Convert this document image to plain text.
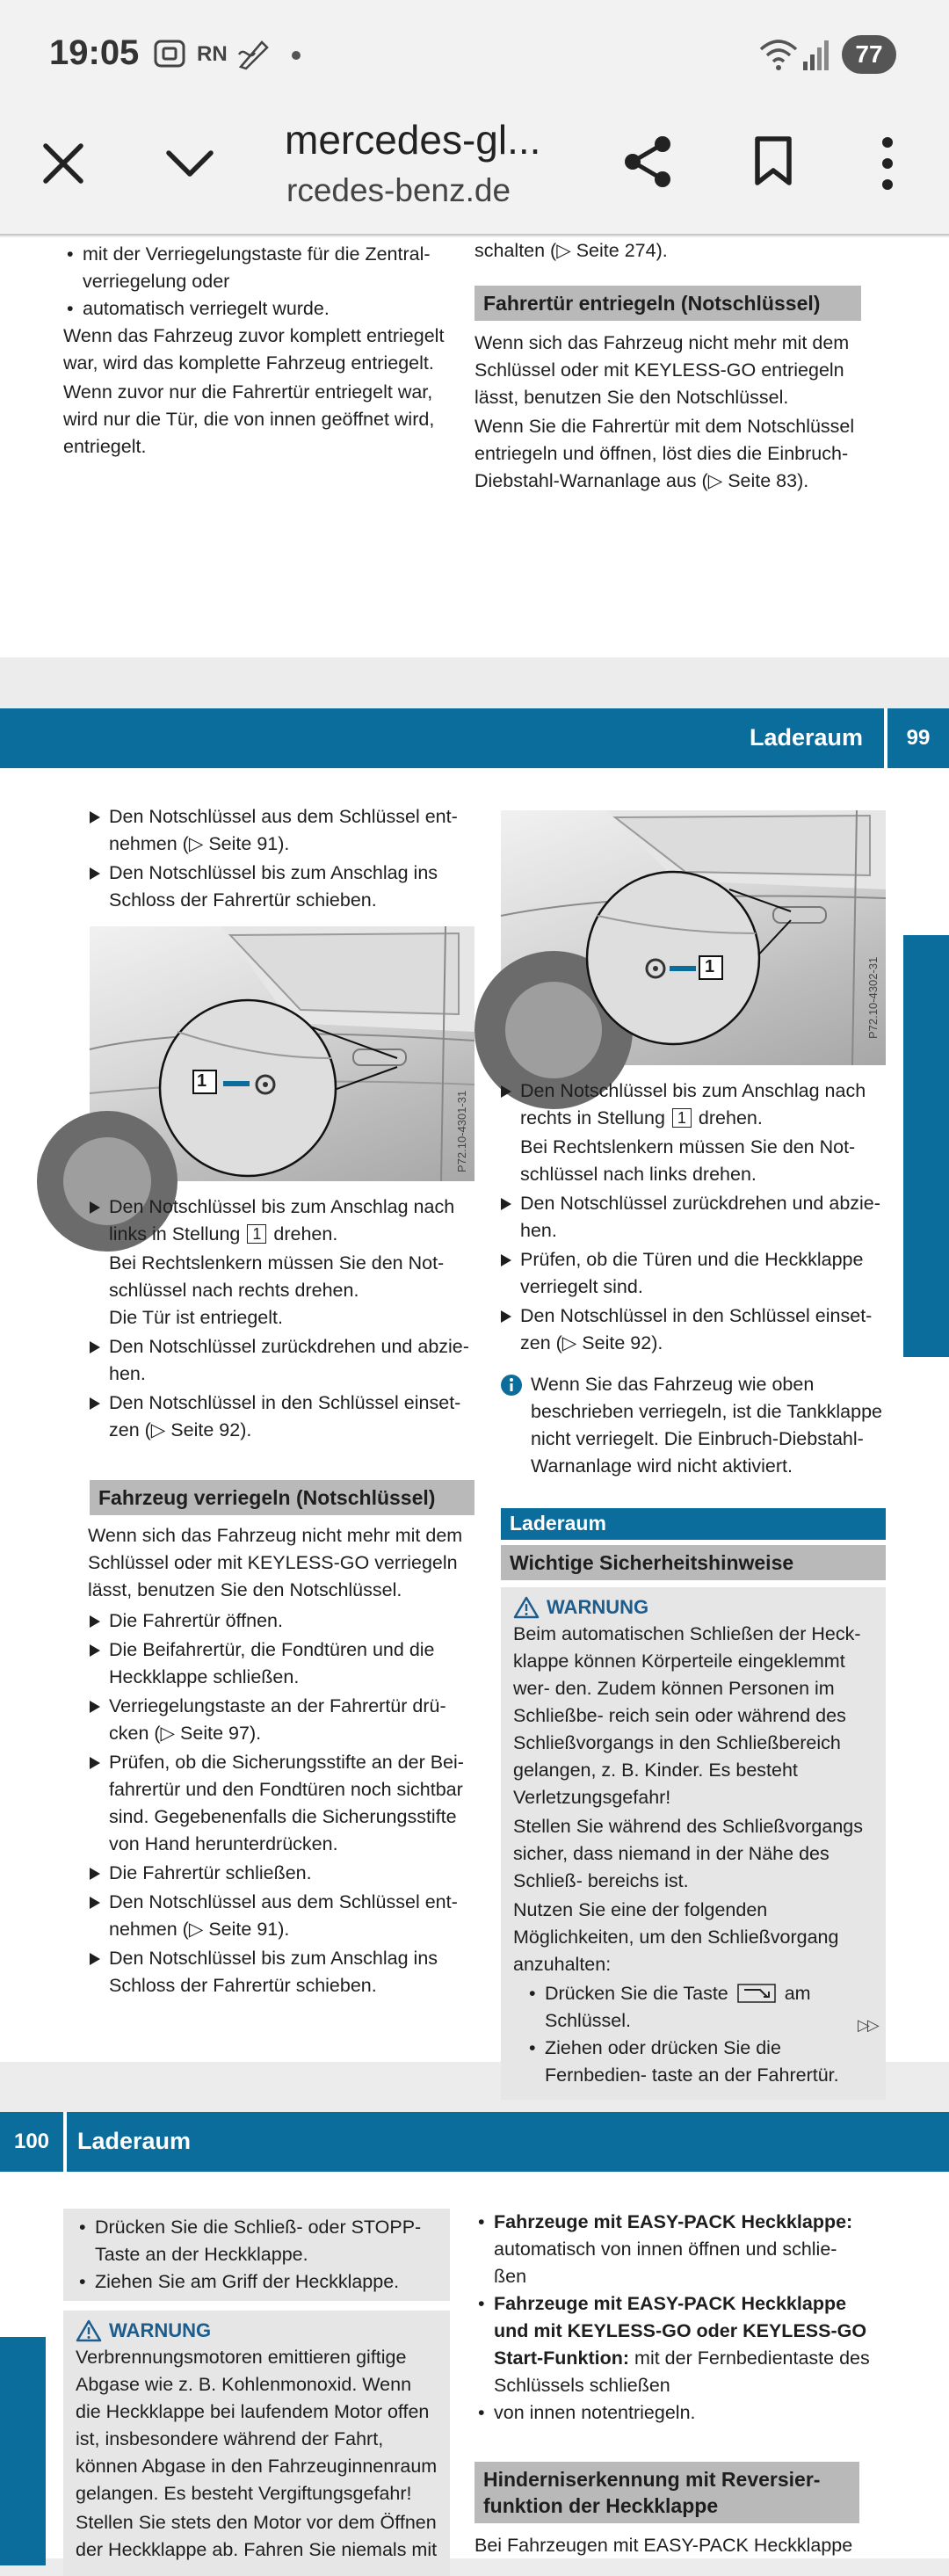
19:05	RN	77
mercedes-gl...
rcedes-benz.de
• mit der Verriegelungstaste für die Zentral- verriegelung oder
• automatisch verriegelt wurde.

Wenn das Fahrzeug zuvor komplett entriegelt war, wird das komplette Fahrzeug entriegelt.

Wenn zuvor nur die Fahrertür entriegelt war, wird nur die Tür, die von innen geöffnet wird, entriegelt.

schalten (▷ Seite 274).

Fahrertür entriegeln (Notschlüssel)

Wenn sich das Fahrzeug nicht mehr mit dem Schlüssel oder mit KEYLESS-GO entriegeln lässt, benutzen Sie den Notschlüssel.

Wenn Sie die Fahrertür mit dem Notschlüssel entriegeln und öffnen, löst dies die Einbruch- Diebstahl-Warnanlage aus (▷ Seite 83).

Laderaum	99
Öffnen und Schließen
Den Notschlüssel aus dem Schlüssel ent- nehmen (▷ Seite 91).
Den Notschlüssel bis zum Anschlag ins Schloss der Fahrertür schieben.
1
P72.10-4301-31
Den Notschlüssel bis zum Anschlag nach links in Stellung 1 drehen.
Bei Rechtslenkern müssen Sie den Not- schlüssel nach rechts drehen.
Die Tür ist entriegelt.
Den Notschlüssel zurückdrehen und abzie- hen.
Den Notschlüssel in den Schlüssel einset- zen (▷ Seite 92).
Fahrzeug verriegeln (Notschlüssel)

Wenn sich das Fahrzeug nicht mehr mit dem Schlüssel oder mit KEYLESS-GO verriegeln lässt, benutzen Sie den Notschlüssel.

Die Fahrertür öffnen.
Die Beifahrertür, die Fondtüren und die Heckklappe schließen.
Verriegelungstaste an der Fahrertür drü- cken (▷ Seite 97).
Prüfen, ob die Sicherungsstifte an der Bei- fahrertür und den Fondtüren noch sichtbar sind. Gegebenenfalls die Sicherungsstifte von Hand herunterdrücken.
Die Fahrertür schließen.
Den Notschlüssel aus dem Schlüssel ent- nehmen (▷ Seite 91).
Den Notschlüssel bis zum Anschlag ins Schloss der Fahrertür schieben.
1	P72.10-4302-31
Den Notschlüssel bis zum Anschlag nach rechts in Stellung 1 drehen.
Bei Rechtslenkern müssen Sie den Not- schlüssel nach links drehen.
Den Notschlüssel zurückdrehen und abzie- hen.
Prüfen, ob die Türen und die Heckklappe verriegelt sind.
Den Notschlüssel in den Schlüssel einset- zen (▷ Seite 92).
Wenn Sie das Fahrzeug wie oben beschrieben verriegeln, ist die Tankklappe nicht verriegelt. Die Einbruch-Diebstahl- Warnanlage wird nicht aktiviert.
Laderaum
Wichtige Sicherheitshinweise
WARNUNG

Beim automatischen Schließen der Heck- klappe können Körperteile eingeklemmt wer- den. Zudem können Personen im Schließbe- reich sein oder während des Schließvorgangs in den Schließbereich gelangen, z. B. Kinder. Es besteht Verletzungsgefahr!

Stellen Sie während des Schließvorgangs sicher, dass niemand in der Nähe des Schließ- bereichs ist.

Nutzen Sie eine der folgenden Möglichkeiten, um den Schließvorgang anzuhalten:

• Drücken Sie die Taste	am Schlüssel.
• Ziehen oder drücken Sie die Fernbedien- taste an der Fahrertür.
▷▷
100	Laderaum
nd Schließen
• Drücken Sie die Schließ- oder STOPP-Taste an der Heckklappe.
• Ziehen Sie am Griff der Heckklappe.
WARNUNG

Verbrennungsmotoren emittieren giftige Abgase wie z. B. Kohlenmonoxid. Wenn die Heckklappe bei laufendem Motor offen ist, insbesondere während der Fahrt, können Abgase in den Fahrzeuginnenraum gelangen. Es besteht Vergiftungsgefahr!

Stellen Sie stets den Motor vor dem Öffnen der Heckklappe ab. Fahren Sie niemals mit

• Fahrzeuge mit EASY-PACK Heckklappe: automatisch von innen öffnen und schlie- ßen
• Fahrzeuge mit EASY-PACK Heckklappe und mit KEYLESS-GO oder KEYLESS-GO Start-Funktion: mit der Fernbedientaste des Schlüssels schließen
• von innen notentriegeln.
Hinderniserkennung mit Reversier- funktion der Heckklappe

Bei Fahrzeugen mit EASY-PACK Heckklappe
